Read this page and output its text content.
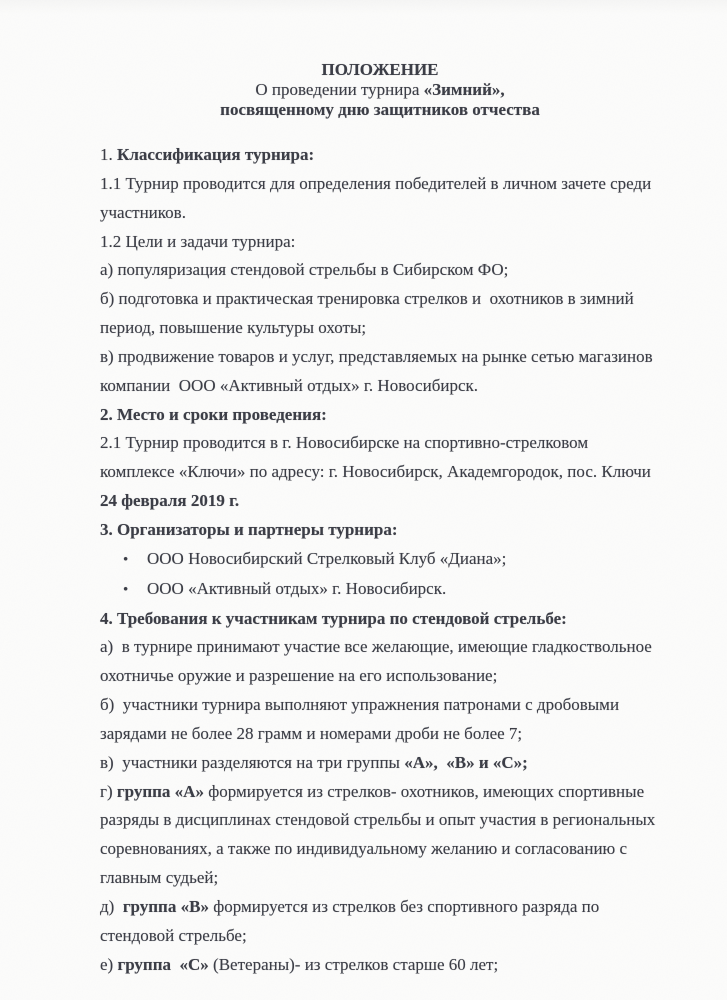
ПОЛОЖЕНИЕ
О проведении турнира «Зимний»,
посвященному дню защитников отчества
1. Классификация турнира:
1.1 Турнир проводится для определения победителей в личном зачете среди
участников.
1.2 Цели и задачи турнира:
а) популяризация стендовой стрельбы в Сибирском ФО;
б) подготовка и практическая тренировка стрелков и  охотников в зимний
период, повышение культуры охоты;
в) продвижение товаров и услуг, представляемых на рынке сетью магазинов
компании  ООО «Активный отдых» г. Новосибирск.
2. Место и сроки проведения:
2.1 Турнир проводится в г. Новосибирске на спортивно-стрелковом
комплексе «Ключи» по адресу: г. Новосибирск, Академгородок, пос. Ключи
24 февраля 2019 г.
3. Организаторы и партнеры турнира:
• ООО Новосибирский Стрелковый Клуб «Диана»;
• ООО «Активный отдых» г. Новосибирск.
4. Требования к участникам турнира по стендовой стрельбе:
а)  в турнире принимают участие все желающие, имеющие гладкоствольное
охотничье оружие и разрешение на его использование;
б)  участники турнира выполняют упражнения патронами с дробовыми
зарядами не более 28 грамм и номерами дроби не более 7;
в)  участники разделяются на три группы «А»,  «В» и «С»;
г) группа «А» формируется из стрелков- охотников, имеющих спортивные
разряды в дисциплинах стендовой стрельбы и опыт участия в региональных
соревнованиях, а также по индивидуальному желанию и согласованию с
главным судьей;
д)  группа «В» формируется из стрелков без спортивного разряда по
стендовой стрельбе;
е) группа  «С» (Ветераны)- из стрелков старше 60 лет;
